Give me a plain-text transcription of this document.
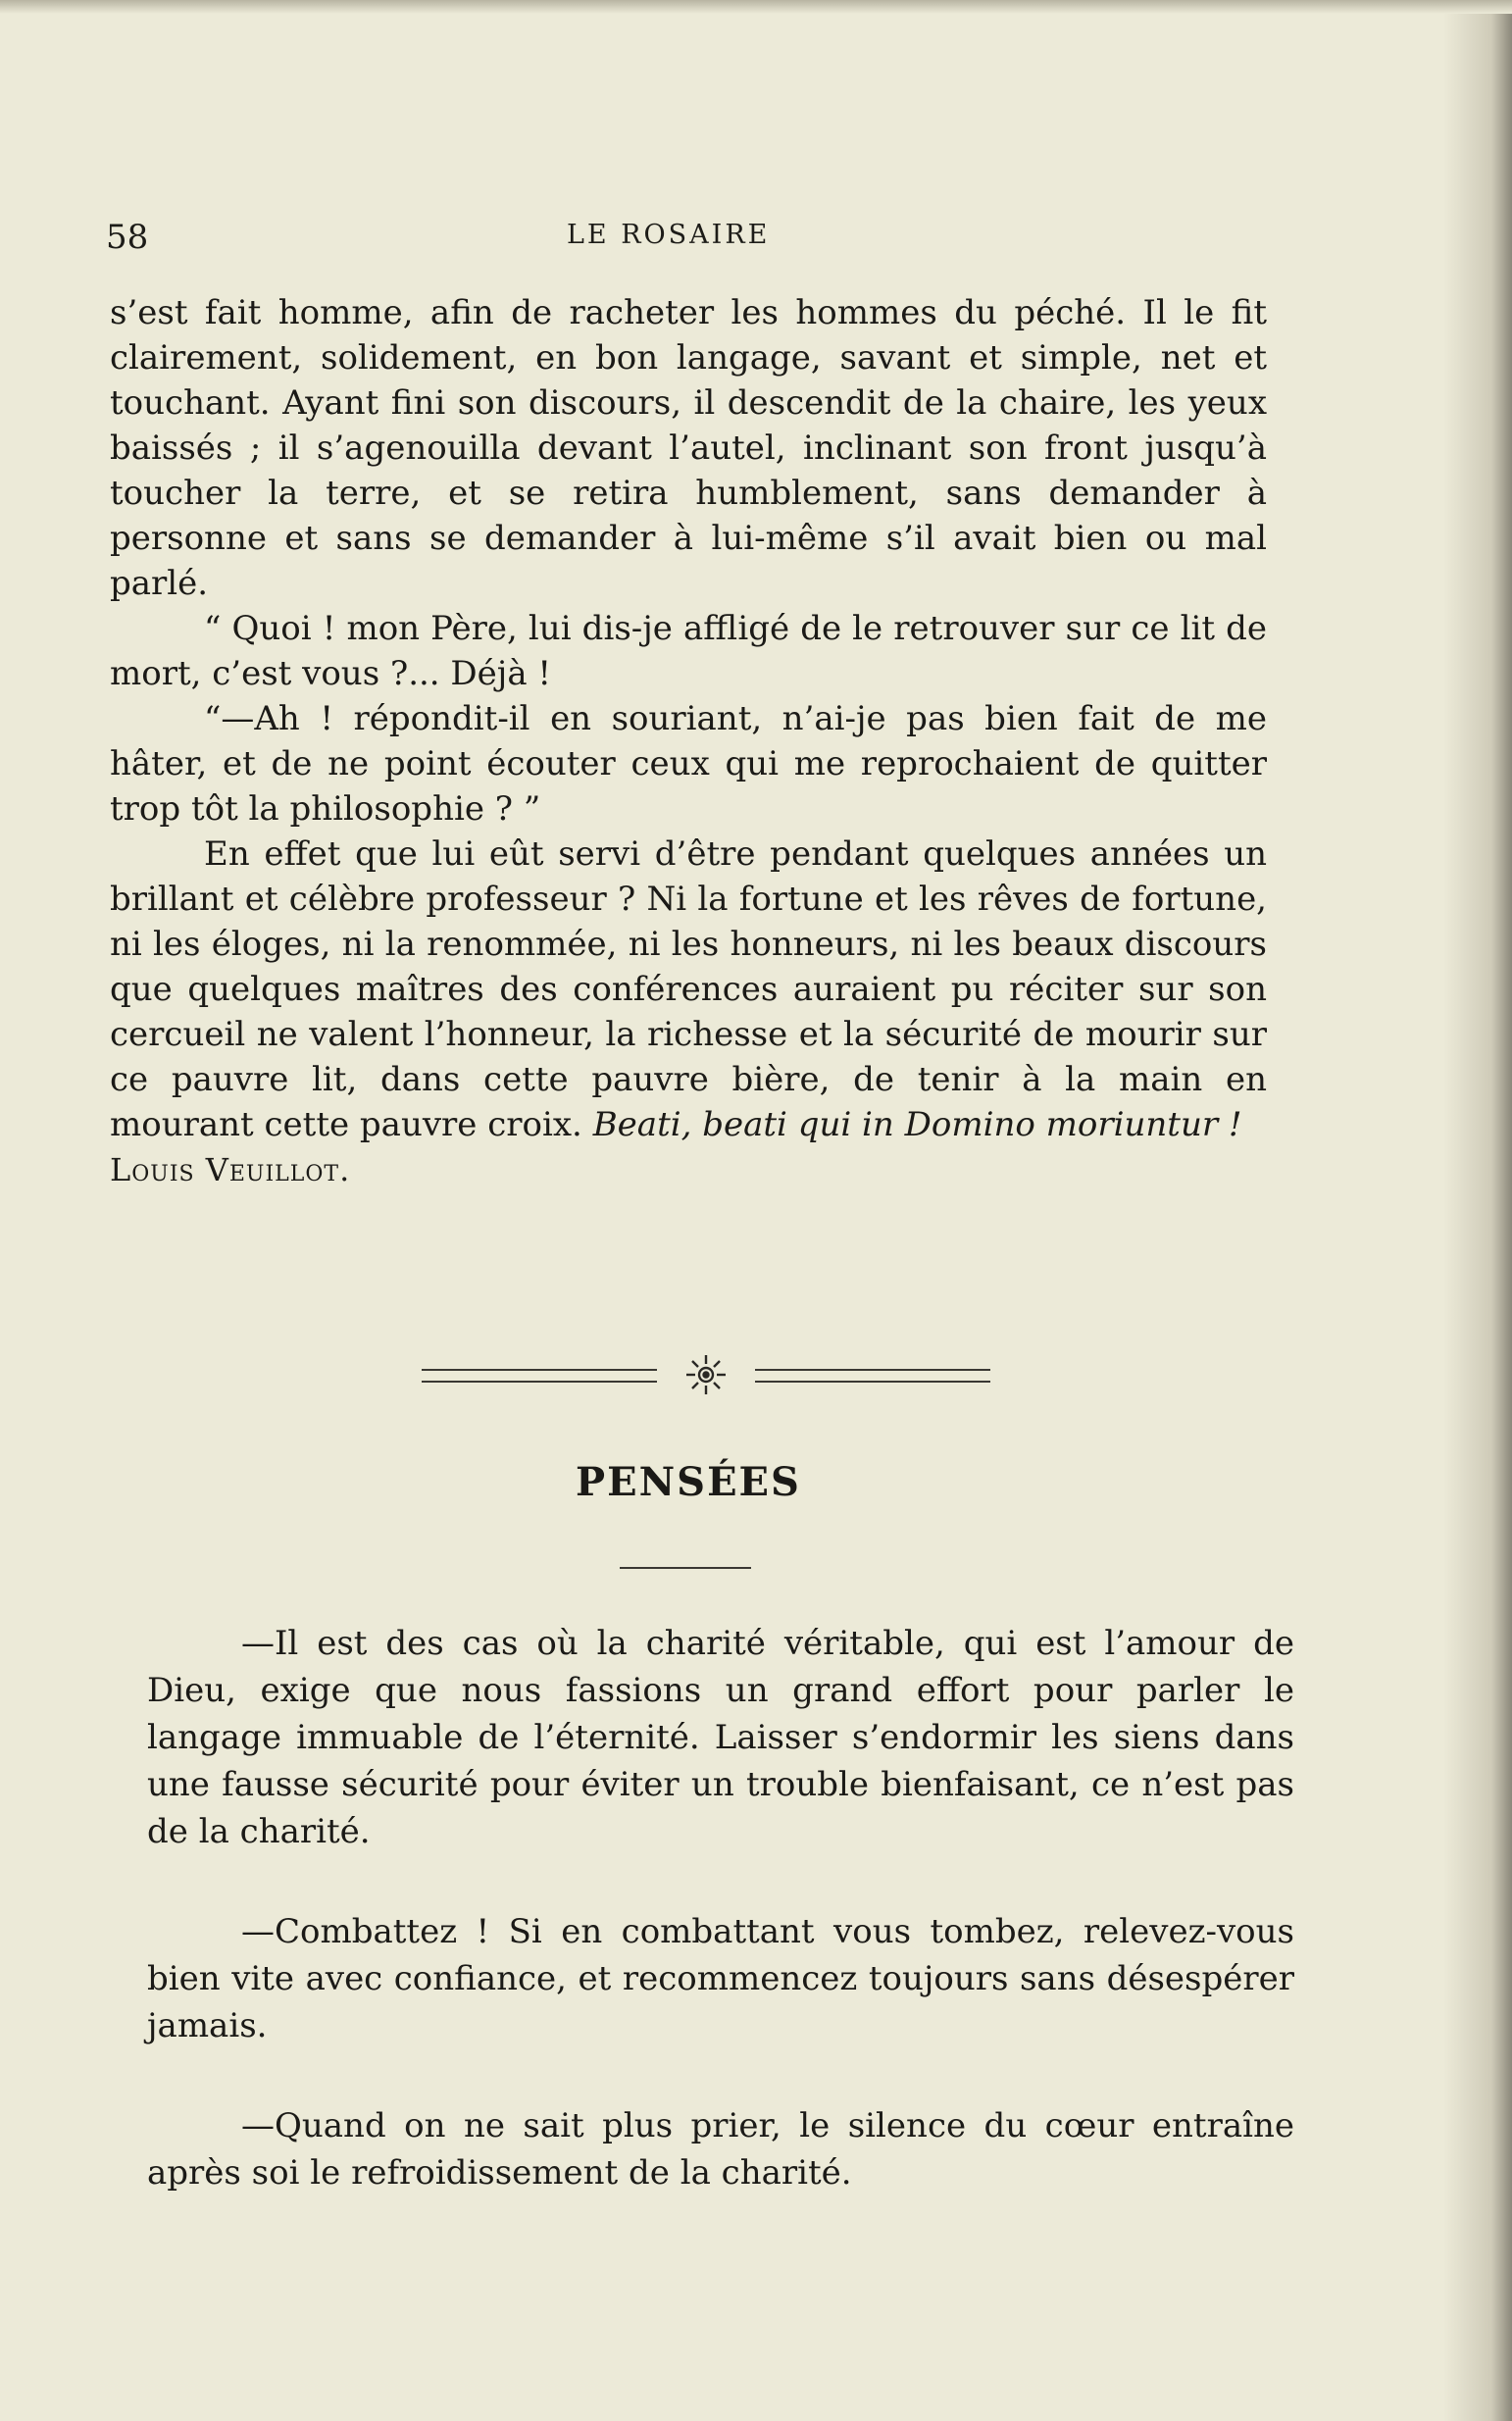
58	LE ROSAIRE

s’est fait homme, afin de racheter les hommes du péché. Il le fit clairement, solidement, en bon langage, savant et simple, net et touchant. Ayant fini son discours, il descendit de la chaire, les yeux baissés ; il s’agenouilla devant l’autel, inclinant son front jusqu’à toucher la terre, et se retira humblement, sans demander à personne et sans se demander à lui-même s’il avait bien ou mal parlé.

“ Quoi ! mon Père, lui dis-je affligé de le retrouver sur ce lit de mort, c’est vous ?... Déjà !

“—Ah ! répondit-il en souriant, n’ai-je pas bien fait de me hâter, et de ne point écouter ceux qui me reprochaient de quitter trop tôt la philosophie ? ”

En effet que lui eût servi d’être pendant quelques années un brillant et célèbre professeur ? Ni la fortune et les rêves de fortune, ni les éloges, ni la renommée, ni les honneurs, ni les beaux discours que quelques maîtres des conférences auraient pu réciter sur son cercueil ne valent l’honneur, la richesse et la sécurité de mourir sur ce pauvre lit, dans cette pauvre bière, de tenir à la main en mourant cette pauvre croix. Beati, beati qui in Domino moriuntur !

Louis Veuillot.

PENSÉES

—Il est des cas où la charité véritable, qui est l’amour de Dieu, exige que nous fassions un grand effort pour parler le langage immuable de l’éternité. Laisser s’endormir les siens dans une fausse sécurité pour éviter un trouble bienfaisant, ce n’est pas de la charité.

—Combattez ! Si en combattant vous tombez, relevez-vous bien vite avec confiance, et recommencez toujours sans désespérer jamais.

—Quand on ne sait plus prier, le silence du cœur entraîne après soi le refroidissement de la charité.
